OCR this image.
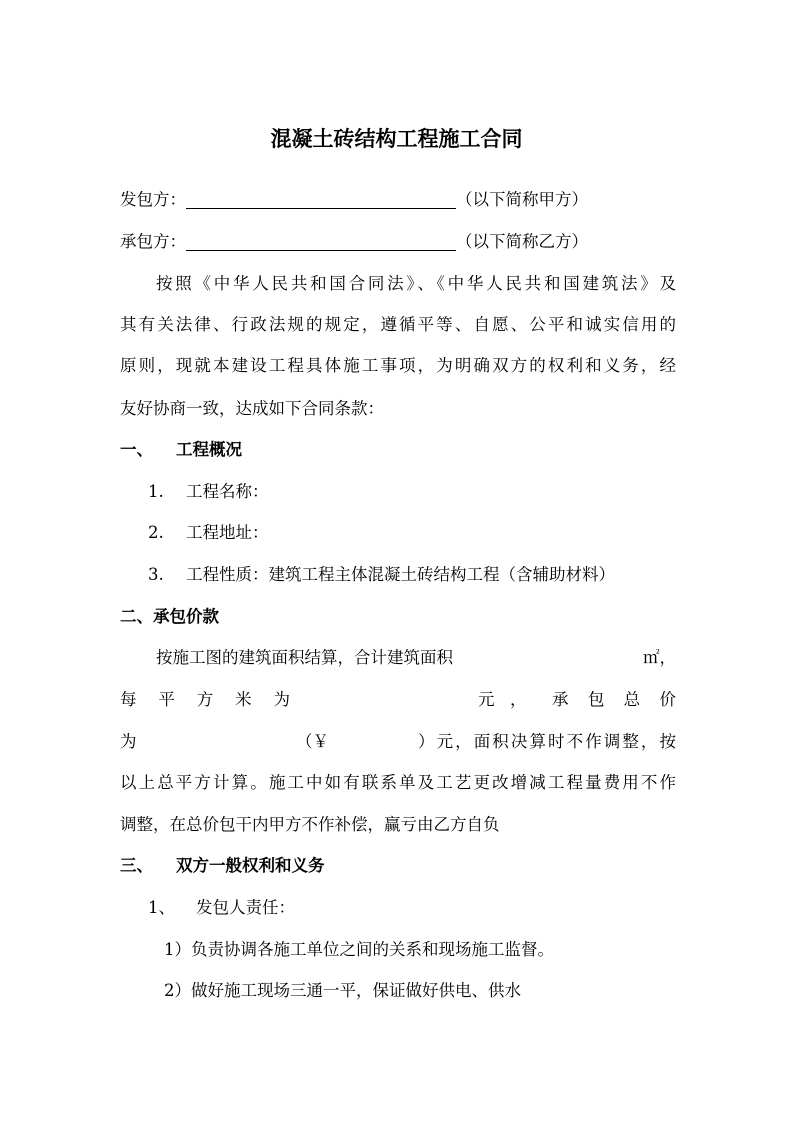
混凝土砖结构工程施工合同
发包方：	（以下简称甲方）
承包方：	（以下简称乙方）
按照《中华人民共和国合同法》、《中华人民共和国建筑法》及
其有关法律、行政法规的规定，遵循平等、自愿、公平和诚实信用的
原则，现就本建设工程具体施工事项，为明确双方的权利和义务，经
友好协商一致，达成如下合同条款：
一、 工程概况
1. 工程名称：
2. 工程地址：
3. 工程性质：建筑工程主体混凝土砖结构工程（含辅助材料）
二、承包价款
按施工图的建筑面积结算，合计建筑面积	㎡，
每 平 方 米 为	元 ， 承 包 总 价
为	（￥	）元，面积决算时不作调整，按
以上总平方计算。施工中如有联系单及工艺更改增减工程量费用不作
调整，在总价包干内甲方不作补偿，赢亏由乙方自负
三、 双方一般权利和义务
1、 发包人责任：
1）负责协调各施工单位之间的关系和现场施工监督。
2）做好施工现场三通一平，保证做好供电、供水
